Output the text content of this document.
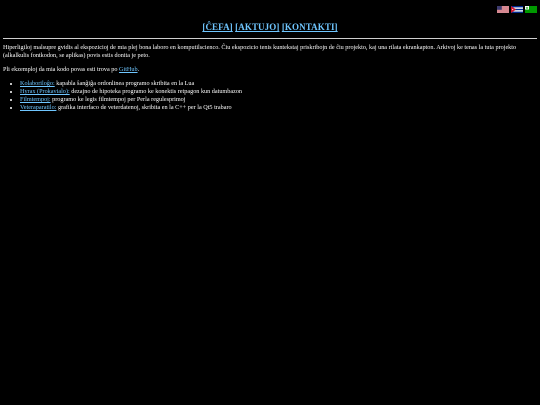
[ĈEFA] [AKTUJO] [KONTAKTI]

Hiperligiloj malsupre gvidis al ekspozicioj de mia plej bona laboro en komputilscienco. Ĉiu ekspozicio tenis kuntekstaj priskribojn de ĉiu projekto, kaj una rilata ekrankapton. Arkivoj ke tenas la tuta projekto (alkalkulis fontkodon, se aplikas) povis estis donita je peto.

Pli ekzemploj da mia kodo povas esti trova po GitHub.

• Kolaboriloĝo: kapabla ŝanĝiĝa ordonlinea programo skribita en la Lua
• Hyrax (Prokavialo): dezajno de hipoteka programo ke konektis retpagon kun datumbazon
• Filmtempoj: programo ke legis filmtempoj per Perla regulesprimoj
• Veteraparatilo: grafika interfaco de veterdatenoj, skribita en la C++ per la Qt5 trabaro
